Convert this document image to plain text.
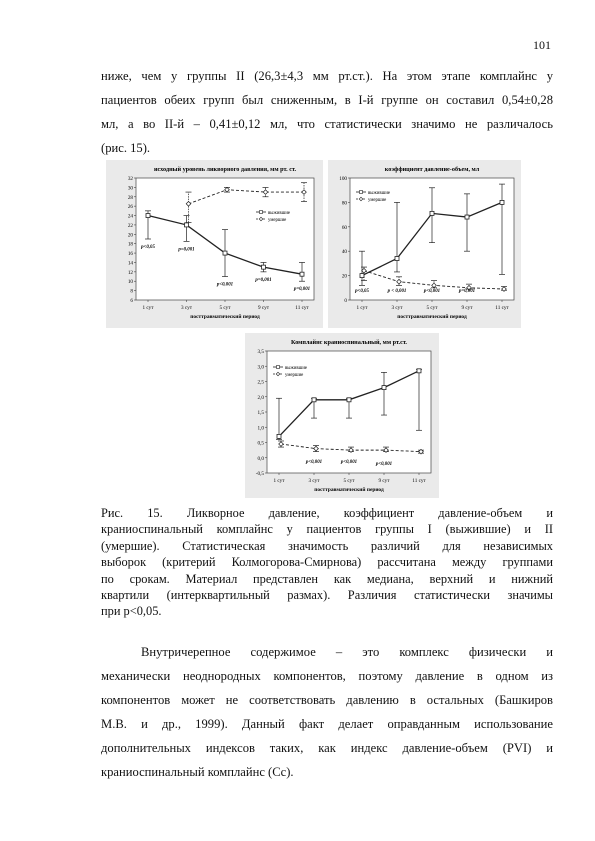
101
ниже, чем у группы II (26,3±4,3 мм рт.ст.). На этом этапе комплайнс у
пациентов обеих групп был сниженным, в I-й группе он составил 0,54±0,28
мл, а во II-й – 0,41±0,12 мл, что статистически значимо не различалось
(рис. 15).
исходный уровень ликворного давления, мм рт. ст.
6
8
10
12
14
16
18
20
22
24
26
28
30
32
1 сут	3 сут	5 сут	9 сут	11 сут
посттравматический период
выжившие
умершие
p<0,05	p=0,001
p<0,001
p=0,001
p=0,001
коэффициент давление-объем, мл
0
20
40
60
80
100
1 сут	3 сут	5 сут	9 сут	11 сут
посттравматический период
выжившие
умершие
p<0,05	p < 0,001	p<0,001	p=0,001
Комплайнс краниоспинальный, мм рт.ст.
-0,5
0,0
0,5
1,0
1,5
2,0
2,5
3,0
3,5
1 сут	3 сут	5 сут	9 сут	11 сут
посттравматический период
выжившие
умершие
p<0,001	p<0,001	p<0,001
Рис. 15. Ликворное давление, коэффициент давление-объем и
краниоспинальный комплайнс у пациентов группы I (выжившие) и II
(умершие). Статистическая значимость различий для независимых
выборок (критерий Колмогорова-Смирнова) рассчитана между группами
по срокам. Материал представлен как медиана, верхний и нижний
квартили (интерквартильный размах). Различия статистически значимы
при p<0,05.
Внутричерепное содержимое – это комплекс физически и
механически неоднородных компонентов, поэтому давление в одном из
компонентов может не соответствовать давлению в остальных (Башкиров
М.В. и др., 1999). Данный факт делает оправданным использование
дополнительных индексов таких, как индекс давление-объем (PVI) и
краниоспинальный комплайнс (Cс).
